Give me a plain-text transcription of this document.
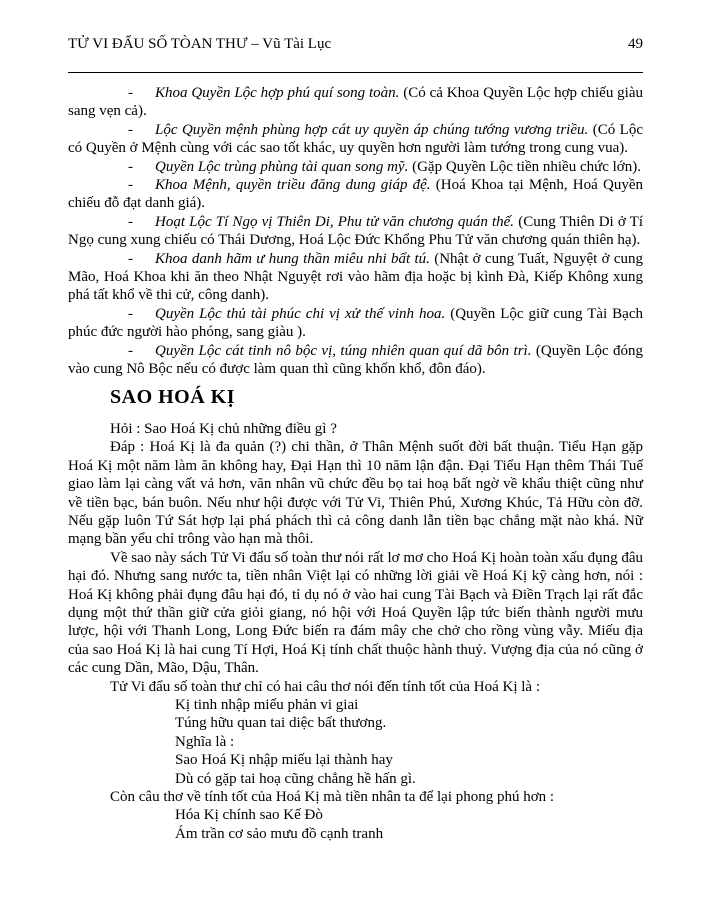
TỬ VI ĐẨU SỐ TÒAN THƯ – Vũ Tài Lục	49

- Khoa Quyền Lộc hợp phú quí song toàn. (Có cả Khoa Quyền Lộc hợp chiếu giàu sang vẹn cả).

- Lộc Quyền mệnh phùng hợp cát uy quyền áp chúng tướng vương triều. (Có Lộc có Quyền ở Mệnh cùng với các sao tốt khác, uy quyền hơn người làm tướng trong cung vua).

- Quyền Lộc trùng phùng tài quan song mỹ. (Gặp Quyền Lộc tiền nhiều chức lớn).

- Khoa Mệnh, quyền triều đăng dung giáp đệ. (Hoá Khoa tại Mệnh, Hoá Quyền chiếu đỗ đạt danh giá).

- Hoạt Lộc Tí Ngọ vị Thiên Di, Phu tử văn chương quán thế. (Cung Thiên Di ở Tí Ngọ cung xung chiếu có Thái Dương, Hoá Lộc Đức Khổng Phu Tử văn chương quán thiên hạ).

- Khoa danh hãm ư hung thần miêu nhi bất tú. (Nhật ở cung Tuất, Nguyệt ở cung Mão, Hoá Khoa khi ăn theo Nhật Nguyệt rơi vào hãm địa hoặc bị kình Đà, Kiếp Không xung phá tất khổ về thi cử, công danh).

- Quyền Lộc thủ tài phúc chi vị xử thế vinh hoa. (Quyền Lộc giữ cung Tài Bạch phúc đức người hào phóng, sang giàu ).

- Quyền Lộc cát tinh nô bộc vị, túng nhiên quan quí dã bôn trì. (Quyền Lộc đóng vào cung Nô Bộc nếu có được làm quan thì cũng khốn khổ, đôn đáo).

SAO HOÁ KỊ

Hỏi : Sao Hoá Kị chủ những điều gì ?

Đáp : Hoá Kị là đa quản (?) chi thần, ở Thân Mệnh suốt đời bất thuận. Tiểu Hạn gặp Hoá Kị một năm làm ăn không hay, Đại Hạn thì 10 năm lận đận. Đại Tiểu Hạn thêm Thái Tuế giao làm lại càng vất vả hơn, văn nhân vũ chức đều bọ tai hoạ bất ngờ về khẩu thiệt cũng như về tiền bạc, bán buôn. Nếu như hội được với Tử Vi, Thiên Phú, Xương Khúc, Tả Hữu còn đỡ. Nếu gặp luôn Tứ Sát hợp lại phá phách thì cả công danh lẫn tiền bạc chẳng mặt nào khá. Nữ mạng bần yểu chỉ trông vào hạn mà thôi.

Về sao này sách Tử Vi đẩu số toàn thư nói rất lơ mơ cho Hoá Kị hoàn toàn xấu đụng đâu hại đó. Nhưng sang nước ta, tiền nhân Việt lại có những lời giải về Hoá Kị kỹ càng hơn, nói : Hoá Kị không phải đụng đâu hại đó, tỉ dụ nó ở vào hai cung Tài Bạch và Điền Trạch lại rất đắc dụng một thứ thần giữ cửa giỏi giang, nó hội với Hoá Quyền lập tức biến thành người mưu lược, hội với Thanh Long, Long Đức biến ra đám mây che chở cho rồng vùng vẫy. Miếu địa của sao Hoá Kị là hai cung Tí Hợi, Hoá Kị tính chất thuộc hành thuỷ. Vượng địa của nó cũng ở các cung Dần, Mão, Dậu, Thân.

Tử Vi đẩu số toàn thư chỉ có hai câu thơ nói đến tính tốt của Hoá Kị là :

Kị tinh nhập miếu phản vi giai
Túng hữu quan tai diệc bất thương.
Nghĩa là :
Sao Hoá Kị nhập miếu lại thành hay
Dù có gặp tai hoạ cũng chẳng hề hấn gì.

Còn câu thơ về tính tốt của Hoá Kị mà tiền nhân ta để lại phong phú hơn :

Hóa Kị chính sao Kế Đò
Ám trần cơ sảo mưu đồ cạnh tranh
